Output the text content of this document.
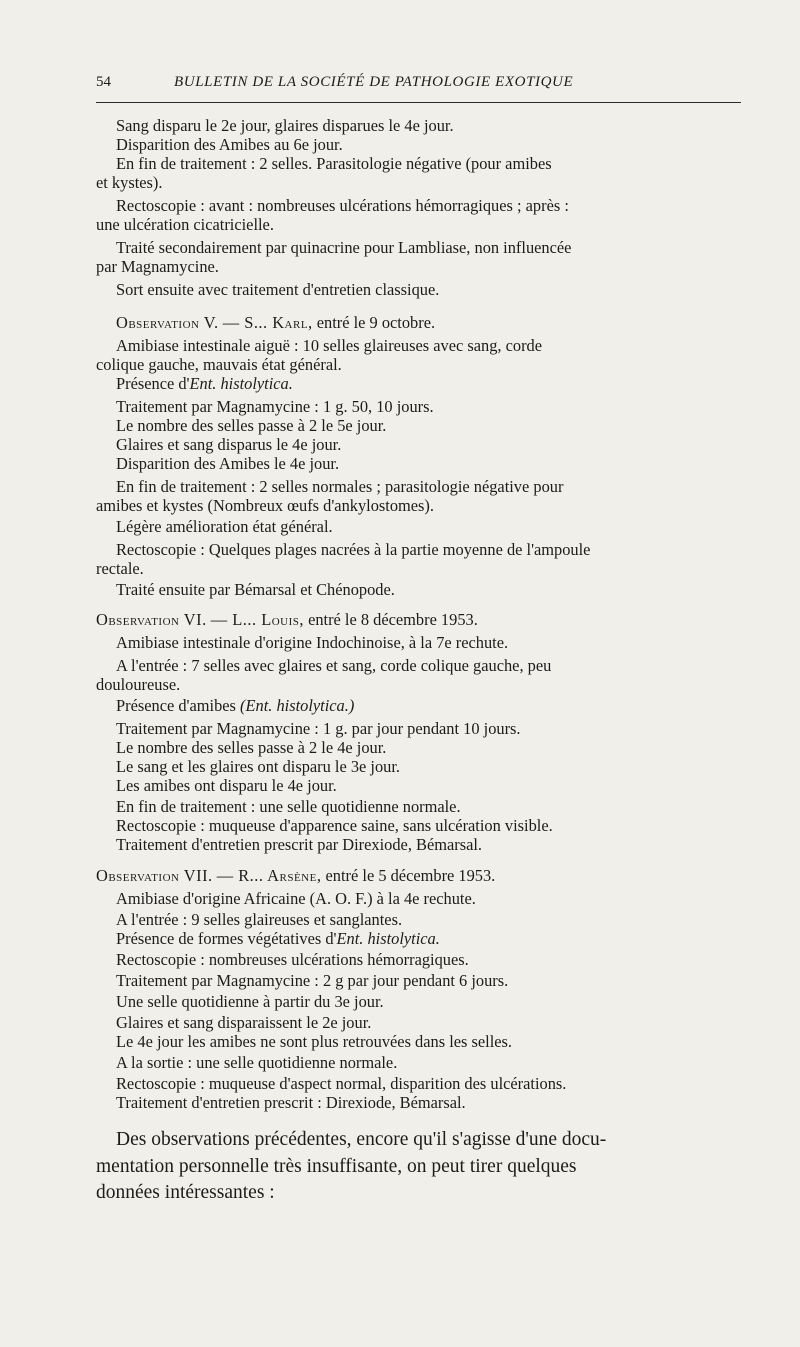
54	BULLETIN DE LA SOCIÉTÉ DE PATHOLOGIE EXOTIQUE
Sang disparu le 2e jour, glaires disparues le 4e jour.
Disparition des Amibes au 6e jour.
En fin de traitement : 2 selles. Parasitologie négative (pour amibes
et kystes).
Rectoscopie : avant : nombreuses ulcérations hémorragiques ; après :
une ulcération cicatricielle.
Traité secondairement par quinacrine pour Lambliase, non influencée
par Magnamycine.
Sort ensuite avec traitement d'entretien classique.
Observation V. — S... Karl, entré le 9 octobre.
Amibiase intestinale aiguë : 10 selles glaireuses avec sang, corde
colique gauche, mauvais état général.
Présence d'Ent. histolytica.
Traitement par Magnamycine : 1 g. 50, 10 jours.
Le nombre des selles passe à 2 le 5e jour.
Glaires et sang disparus le 4e jour.
Disparition des Amibes le 4e jour.
En fin de traitement : 2 selles normales ; parasitologie négative pour
amibes et kystes (Nombreux œufs d'ankylostomes).
Légère amélioration état général.
Rectoscopie : Quelques plages nacrées à la partie moyenne de l'ampoule
rectale.
Traité ensuite par Bémarsal et Chénopode.
Observation VI. — L... Louis, entré le 8 décembre 1953.
Amibiase intestinale d'origine Indochinoise, à la 7e rechute.
A l'entrée : 7 selles avec glaires et sang, corde colique gauche, peu
douloureuse.
Présence d'amibes (Ent. histolytica.)
Traitement par Magnamycine : 1 g. par jour pendant 10 jours.
Le nombre des selles passe à 2 le 4e jour.
Le sang et les glaires ont disparu le 3e jour.
Les amibes ont disparu le 4e jour.
En fin de traitement : une selle quotidienne normale.
Rectoscopie : muqueuse d'apparence saine, sans ulcération visible.
Traitement d'entretien prescrit par Direxiode, Bémarsal.
Observation VII. — R... Arsène, entré le 5 décembre 1953.
Amibiase d'origine Africaine (A. O. F.) à la 4e rechute.
A l'entrée : 9 selles glaireuses et sanglantes.
Présence de formes végétatives d'Ent. histolytica.
Rectoscopie : nombreuses ulcérations hémorragiques.
Traitement par Magnamycine : 2 g par jour pendant 6 jours.
Une selle quotidienne à partir du 3e jour.
Glaires et sang disparaissent le 2e jour.
Le 4e jour les amibes ne sont plus retrouvées dans les selles.
A la sortie : une selle quotidienne normale.
Rectoscopie : muqueuse d'aspect normal, disparition des ulcérations.
Traitement d'entretien prescrit : Direxiode, Bémarsal.
Des observations précédentes, encore qu'il s'agisse d'une docu-
mentation personnelle très insuffisante, on peut tirer quelques
données intéressantes :
